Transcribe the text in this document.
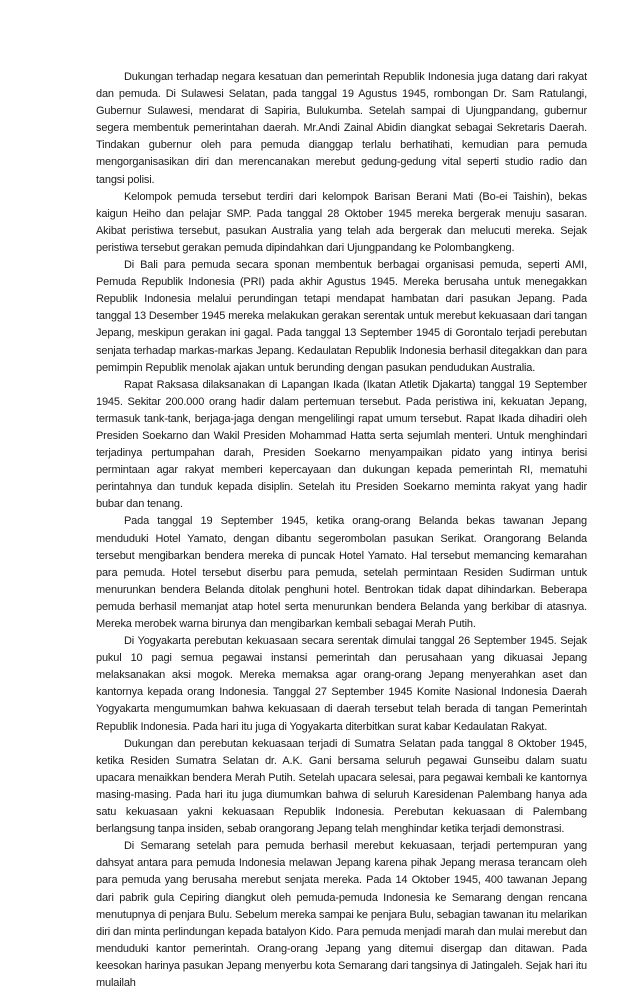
Dukungan terhadap negara kesatuan dan pemerintah Republik Indonesia juga datang dari rakyat dan pemuda. Di Sulawesi Selatan, pada tanggal 19 Agustus 1945, rombongan Dr. Sam Ratulangi, Gubernur Sulawesi, mendarat di Sapiria, Bulukumba. Setelah sampai di Ujungpandang, gubernur segera membentuk pemerintahan daerah. Mr.Andi Zainal Abidin diangkat sebagai Sekretaris Daerah. Tindakan gubernur oleh para pemuda dianggap terlalu berhatihati, kemudian para pemuda mengorganisasikan diri dan merencanakan merebut gedung-gedung vital seperti studio radio dan tangsi polisi.

Kelompok pemuda tersebut terdiri dari kelompok Barisan Berani Mati (Bo-ei Taishin), bekas kaigun Heiho dan pelajar SMP. Pada tanggal 28 Oktober 1945 mereka bergerak menuju sasaran. Akibat peristiwa tersebut, pasukan Australia yang telah ada bergerak dan melucuti mereka. Sejak peristiwa tersebut gerakan pemuda dipindahkan dari Ujungpandang ke Polombangkeng.

Di Bali para pemuda secara sponan membentuk berbagai organisasi pemuda, seperti AMI, Pemuda Republik Indonesia (PRI) pada akhir Agustus 1945. Mereka berusaha untuk menegakkan Republik Indonesia melalui perundingan tetapi mendapat hambatan dari pasukan Jepang. Pada tanggal 13 Desember 1945 mereka melakukan gerakan serentak untuk merebut kekuasaan dari tangan Jepang, meskipun gerakan ini gagal. Pada tanggal 13 September 1945 di Gorontalo terjadi perebutan senjata terhadap markas-markas Jepang. Kedaulatan Republik Indonesia berhasil ditegakkan dan para pemimpin Republik menolak ajakan untuk berunding dengan pasukan pendudukan Australia.

Rapat Raksasa dilaksanakan di Lapangan Ikada (Ikatan Atletik Djakarta) tanggal 19 September 1945. Sekitar 200.000 orang hadir dalam pertemuan tersebut. Pada peristiwa ini, kekuatan Jepang, termasuk tank-tank, berjaga-jaga dengan mengelilingi rapat umum tersebut. Rapat Ikada dihadiri oleh Presiden Soekarno dan Wakil Presiden Mohammad Hatta serta sejumlah menteri. Untuk menghindari terjadinya pertumpahan darah, Presiden Soekarno menyampaikan pidato yang intinya berisi permintaan agar rakyat memberi kepercayaan dan dukungan kepada pemerintah RI, mematuhi perintahnya dan tunduk kepada disiplin. Setelah itu Presiden Soekarno meminta rakyat yang hadir bubar dan tenang.

Pada tanggal 19 September 1945, ketika orang-orang Belanda bekas tawanan Jepang menduduki Hotel Yamato, dengan dibantu segerombolan pasukan Serikat. Orangorang Belanda tersebut mengibarkan bendera mereka di puncak Hotel Yamato. Hal tersebut memancing kemarahan para pemuda. Hotel tersebut diserbu para pemuda, setelah permintaan Residen Sudirman untuk menurunkan bendera Belanda ditolak penghuni hotel. Bentrokan tidak dapat dihindarkan. Beberapa pemuda berhasil memanjat atap hotel serta menurunkan bendera Belanda yang berkibar di atasnya. Mereka merobek warna birunya dan mengibarkan kembali sebagai Merah Putih.

Di Yogyakarta perebutan kekuasaan secara serentak dimulai tanggal 26 September 1945. Sejak pukul 10 pagi semua pegawai instansi pemerintah dan perusahaan yang dikuasai Jepang melaksanakan aksi mogok. Mereka memaksa agar orang-orang Jepang menyerahkan aset dan kantornya kepada orang Indonesia. Tanggal 27 September 1945 Komite Nasional Indonesia Daerah Yogyakarta mengumumkan bahwa kekuasaan di daerah tersebut telah berada di tangan Pemerintah Republik Indonesia. Pada hari itu juga di Yogyakarta diterbitkan surat kabar Kedaulatan Rakyat.

Dukungan dan perebutan kekuasaan terjadi di Sumatra Selatan pada tanggal 8 Oktober 1945, ketika Residen Sumatra Selatan dr. A.K. Gani bersama seluruh pegawai Gunseibu dalam suatu upacara menaikkan bendera Merah Putih. Setelah upacara selesai, para pegawai kembali ke kantornya masing-masing. Pada hari itu juga diumumkan bahwa di seluruh Karesidenan Palembang hanya ada satu kekuasaan yakni kekuasaan Republik Indonesia. Perebutan kekuasaan di Palembang berlangsung tanpa insiden, sebab orangorang Jepang telah menghindar ketika terjadi demonstrasi.

Di Semarang setelah para pemuda berhasil merebut kekuasaan, terjadi pertempuran yang dahsyat antara para pemuda Indonesia melawan Jepang karena pihak Jepang merasa terancam oleh para pemuda yang berusaha merebut senjata mereka. Pada 14 Oktober 1945, 400 tawanan Jepang dari pabrik gula Cepiring diangkut oleh pemuda-pemuda Indonesia ke Semarang dengan rencana menutupnya di penjara Bulu. Sebelum mereka sampai ke penjara Bulu, sebagian tawanan itu melarikan diri dan minta perlindungan kepada batalyon Kido. Para pemuda menjadi marah dan mulai merebut dan menduduki kantor pemerintah. Orang-orang Jepang yang ditemui disergap dan ditawan. Pada keesokan harinya pasukan Jepang menyerbu kota Semarang dari tangsinya di Jatingaleh. Sejak hari itu mulailah
